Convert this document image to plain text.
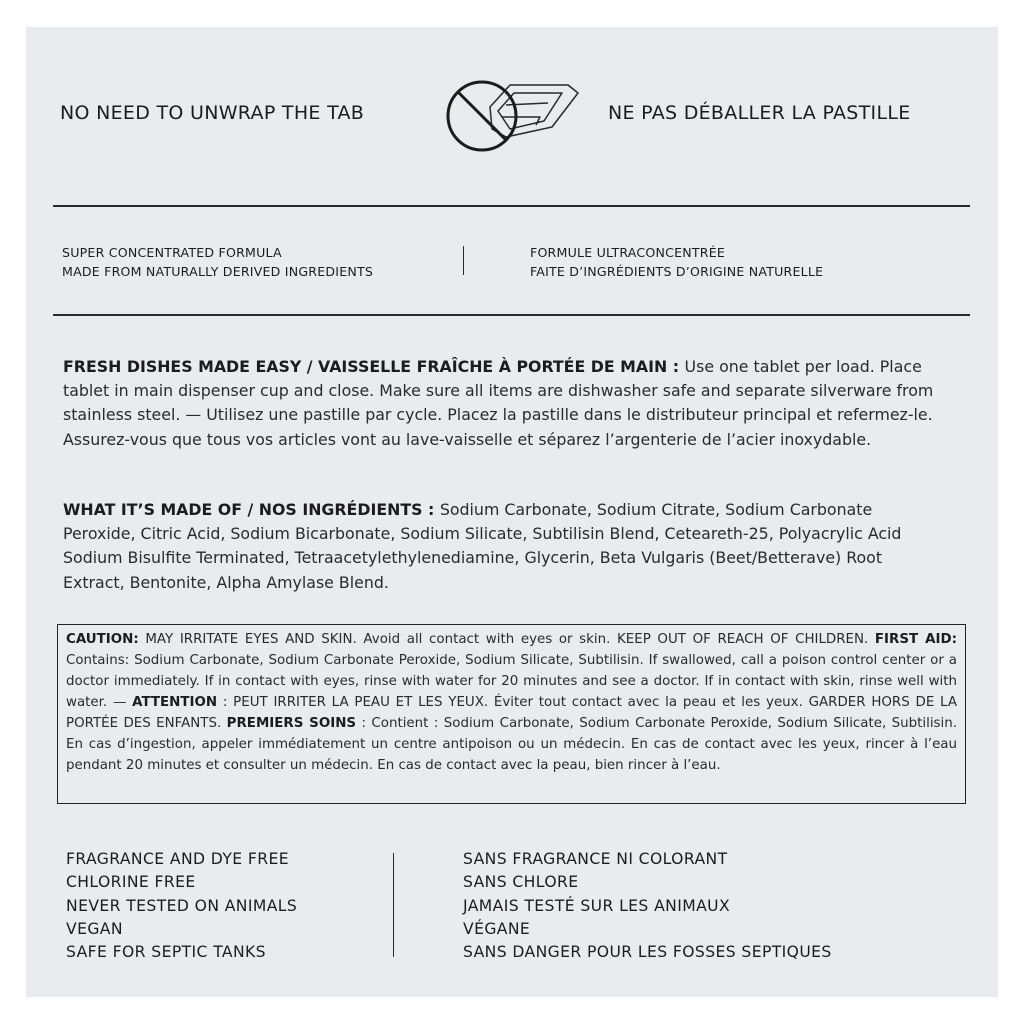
NO NEED TO UNWRAP THE TAB	NE PAS DÉBALLER LA PASTILLE
SUPER CONCENTRATED FORMULA
MADE FROM NATURALLY DERIVED INGREDIENTS
FORMULE ULTRACONCENTRÉE
FAITE D’INGRÉDIENTS D’ORIGINE NATURELLE
FRESH DISHES MADE EASY / VAISSELLE FRAÎCHE À PORTÉE DE MAIN : Use one tablet per load. Place tablet in main dispenser cup and close. Make sure all items are dishwasher safe and separate silverware from stainless steel. — Utilisez une pastille par cycle. Placez la pastille dans le distributeur principal et refermez-le. Assurez-vous que tous vos articles vont au lave-vaisselle et séparez l’argenterie de l’acier inoxydable.
WHAT IT’S MADE OF / NOS INGRÉDIENTS : Sodium Carbonate, Sodium Citrate, Sodium Carbonate Peroxide, Citric Acid, Sodium Bicarbonate, Sodium Silicate, Subtilisin Blend, Ceteareth-25, Polyacrylic Acid Sodium Bisulfite Terminated, Tetraacetylethylenediamine, Glycerin, Beta Vulgaris (Beet/Betterave) Root Extract, Bentonite, Alpha Amylase Blend.
CAUTION: MAY IRRITATE EYES AND SKIN. Avoid all contact with eyes or skin. KEEP OUT OF REACH OF CHILDREN. FIRST AID: Contains: Sodium Carbonate, Sodium Carbonate Peroxide, Sodium Silicate, Subtilisin. If swallowed, call a poison control center or a doctor immediately. If in contact with eyes, rinse with water for 20 minutes and see a doctor. If in contact with skin, rinse well with water. — ATTENTION : PEUT IRRITER LA PEAU ET LES YEUX. Éviter tout contact avec la peau et les yeux. GARDER HORS DE LA PORTÉE DES ENFANTS. PREMIERS SOINS : Contient : Sodium Carbonate, Sodium Carbonate Peroxide, Sodium Silicate, Subtilisin. En cas d’ingestion, appeler immédiatement un centre antipoison ou un médecin. En cas de contact avec les yeux, rincer à l’eau pendant 20 minutes et consulter un médecin. En cas de contact avec la peau, bien rincer à l’eau.
FRAGRANCE AND DYE FREE
CHLORINE FREE
NEVER TESTED ON ANIMALS
VEGAN
SAFE FOR SEPTIC TANKS
SANS FRAGRANCE NI COLORANT
SANS CHLORE
JAMAIS TESTÉ SUR LES ANIMAUX
VÉGANE
SANS DANGER POUR LES FOSSES SEPTIQUES
